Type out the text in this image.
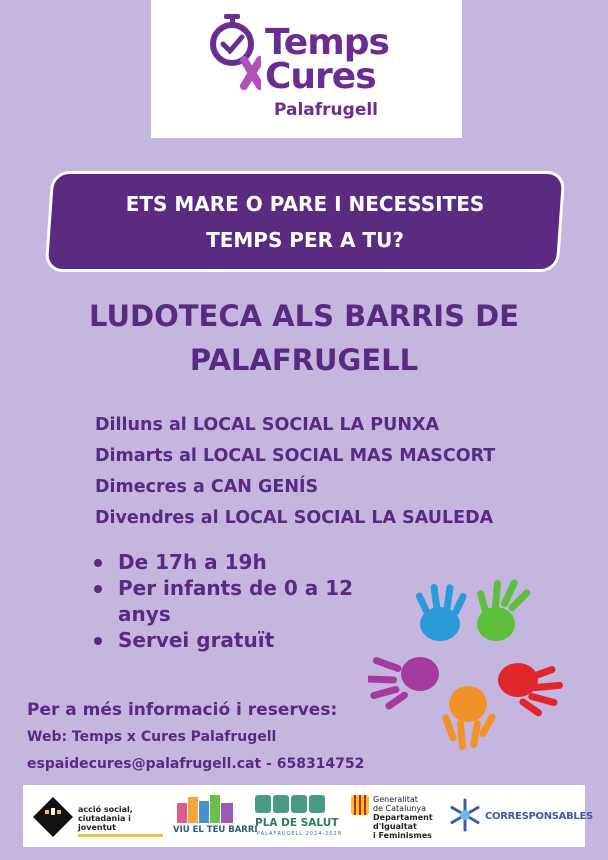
Temps
Cures
Palafrugell
ETS MARE O PARE I NECESSITES
TEMPS PER A TU?
LUDOTECA ALS BARRIS DE
PALAFRUGELL
Dilluns al LOCAL SOCIAL LA PUNXA
Dimarts al LOCAL SOCIAL MAS MASCORT
Dimecres a CAN GENÍS
Divendres al LOCAL SOCIAL LA SAULEDA
De 17h a 19h
Per infants de 0 a 12 anys
Servei gratuït
Per a més informació i reserves:
Web: Temps x Cures Palafrugell
espaidecures@palafrugell.cat - 658314752
acció social,
ciutadania i joventut	VIU EL TEU BARRI
PLA DE SALUT
PALAFRUGELL 2024-2028
Generalitat
de Catalunya
Departament
d'Igualtat
i Feminismes
CORRESPONSABLES
